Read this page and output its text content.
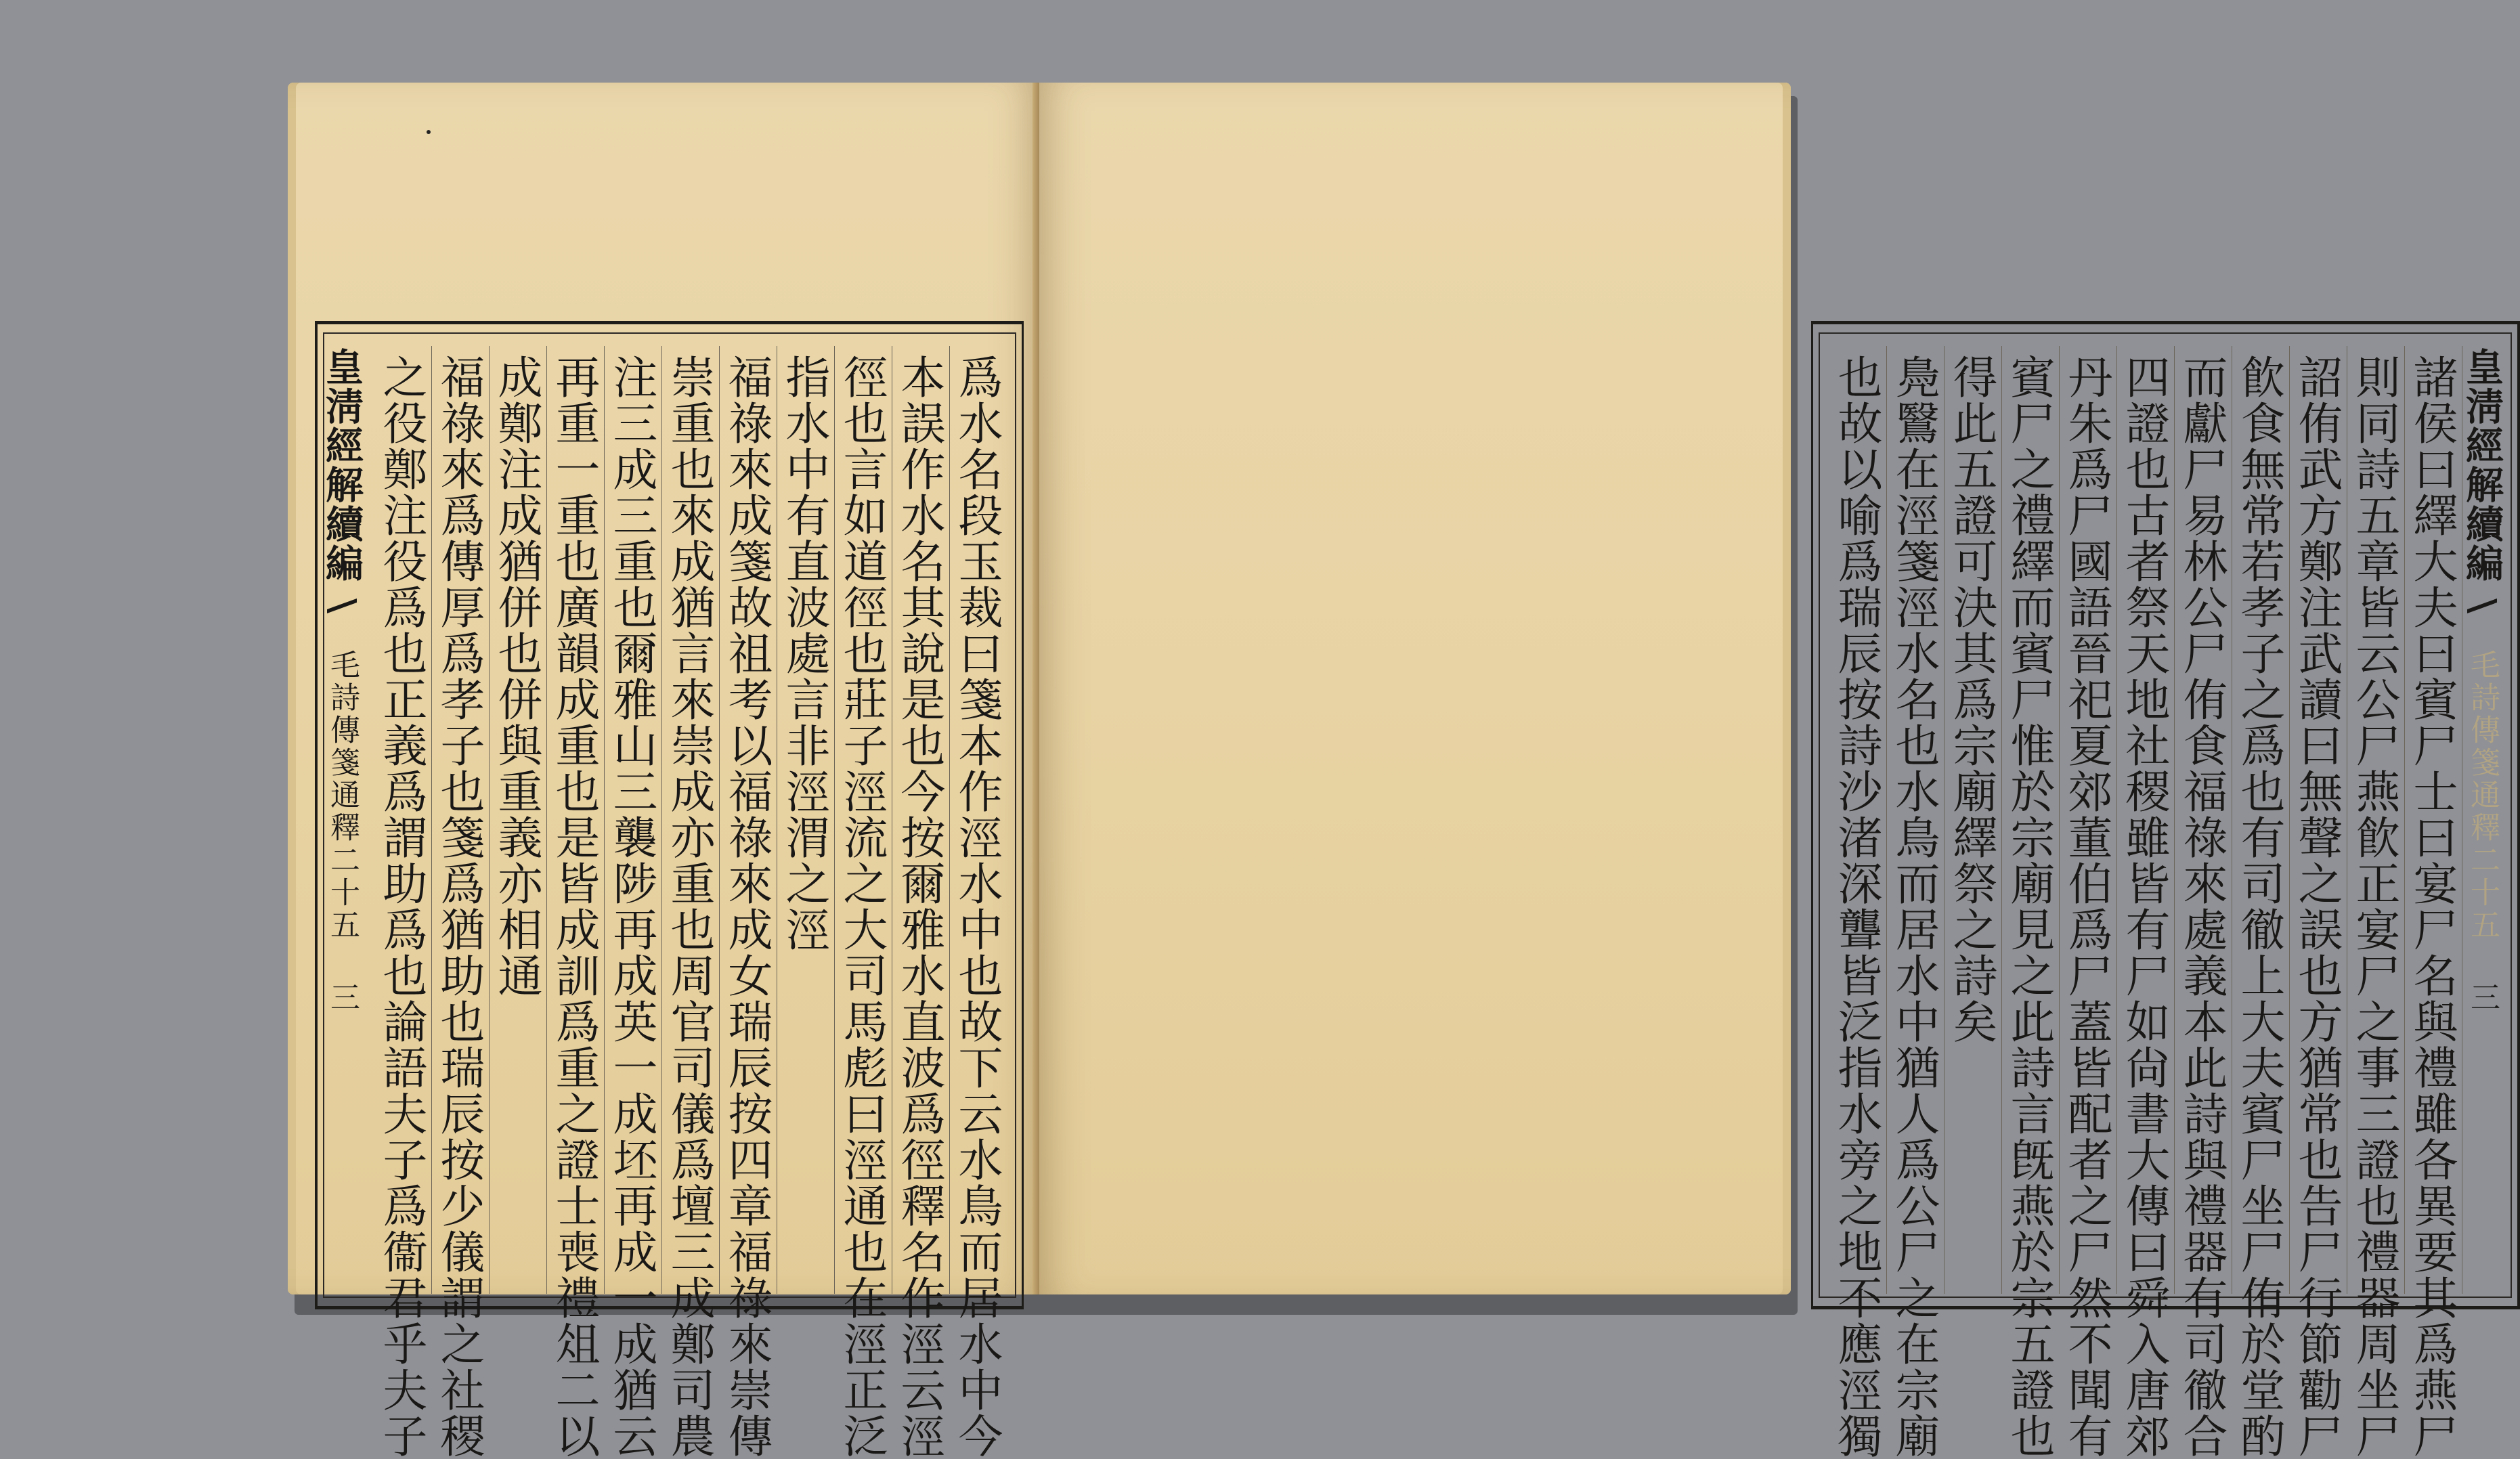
皇淸經解續編  毛詩傳箋通釋二十五 三 之役鄭注役爲也正義爲謂助爲也論語夫子爲衞君乎夫子 福祿來爲傳厚爲孝子也箋爲猶助也瑞辰按少儀謂之社稷 成鄭注成猶併也併與重義亦相通 再重一重也廣韻成重也是皆成訓爲重之證士喪禮俎二以 注三成三重也爾雅山三襲陟再成英一成坯再成一成猶云 崇重也來成猶言來崇成亦重也周官司儀爲壇三成鄭司農 福祿來成箋故祖考以福祿來成女瑞辰按四章福祿來崇傳 指水中有直波處言非涇渭之涇 徑也言如道徑也莊子涇流之大司馬彪曰涇通也在涇正泛 本誤作水名其說是也今按爾雅水直波爲徑釋名作涇云涇 爲水名段玉裁曰箋本作涇水中也故下云水鳥而居水中今	也故以喻爲瑞辰按詩沙渚深聾皆泛指水旁之地不應涇獨 鳧鷖在涇箋涇水名也水鳥而居水中猶人爲公尸之在宗廟 得此五證可決其爲宗廟繹祭之詩矣 賓尸之禮繹而賓尸惟於宗廟見之此詩言旣燕於宗五證也 丹朱爲尸國語晉祀夏郊董伯爲尸蓋皆配者之尸然不聞有 四證也古者祭天地社稷雖皆有尸如尙書大傳曰舜入唐郊 而獻尸易林公尸侑食福祿來處義本此詩與禮器有司徹合 飮食無常若孝子之爲也有司徹上大夫賓尸坐尸侑於堂酌 詔侑武方鄭注武讀曰無聲之誤也方猶常也告尸行節勸尸 則同詩五章皆云公尸燕飮正宴尸之事三證也禮器周坐尸 諸侯曰繹大夫曰賓尸士曰宴尸名與禮雖各異要其爲燕尸 皇淸經解續編  毛詩傳箋通釋二十五 三
